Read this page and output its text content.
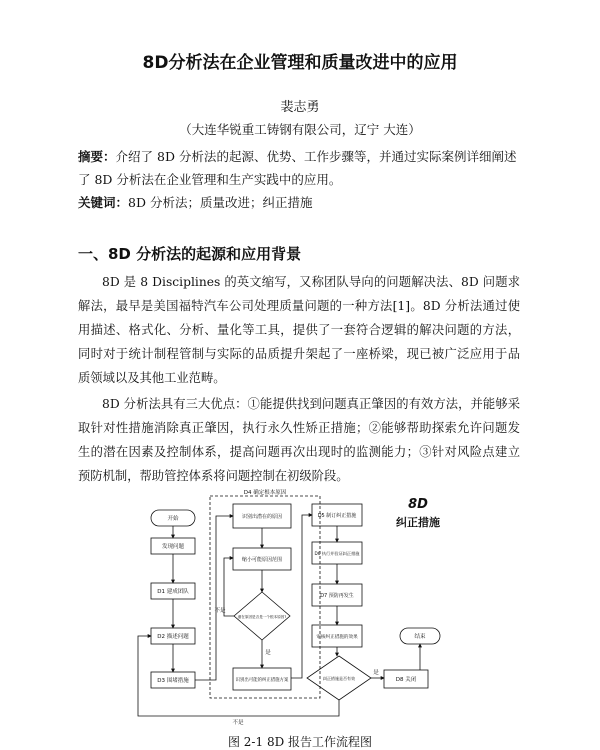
8D分析法在企业管理和质量改进中的应用
裴志勇
（大连华锐重工铸钢有限公司，辽宁 大连）
摘要：介绍了 8D 分析法的起源、优势、工作步骤等，并通过实际案例详细阐述了 8D 分析法在企业管理和生产实践中的应用。
关键词：8D 分析法；质量改进；纠正措施
一、8D 分析法的起源和应用背景
8D 是 8 Disciplines 的英文缩写，又称团队导向的问题解决法、8D 问题求解法，最早是美国福特汽车公司处理质量问题的一种方法[1]。8D 分析法通过使用描述、格式化、分析、量化等工具，提供了一套符合逻辑的解决问题的方法，同时对于统计制程管制与实际的品质提升架起了一座桥梁，现已被广泛应用于品质领域以及其他工业范畴。
8D 分析法具有三大优点：①能提供找到问题真正肇因的有效方法，并能够采取针对性措施消除真正肇因，执行永久性矫正措施；②能够帮助探索允许问题发生的潜在因素及控制体系，提高问题再次出现时的监测能力；③针对风险点建立预防机制，帮助管控体系将问题控制在初级阶段。
D4 确定根本原因
开始
发现问题
D1 建成团队
D2 描述问题
D3 围堵措施
识别出潜在的原因
缩小可能原因范围
潜在原因是否是一个根本原因?
识别出可能的纠正措施方案
D5 制订纠正措施
D6 执行并验证纠正措施
D7 预防再发生
审核纠正措施的效果
纠正措施是否有效	D8 关闭
结束
是
是
不是
不是
8D
纠正措施
图 2-1 8D 报告工作流程图
